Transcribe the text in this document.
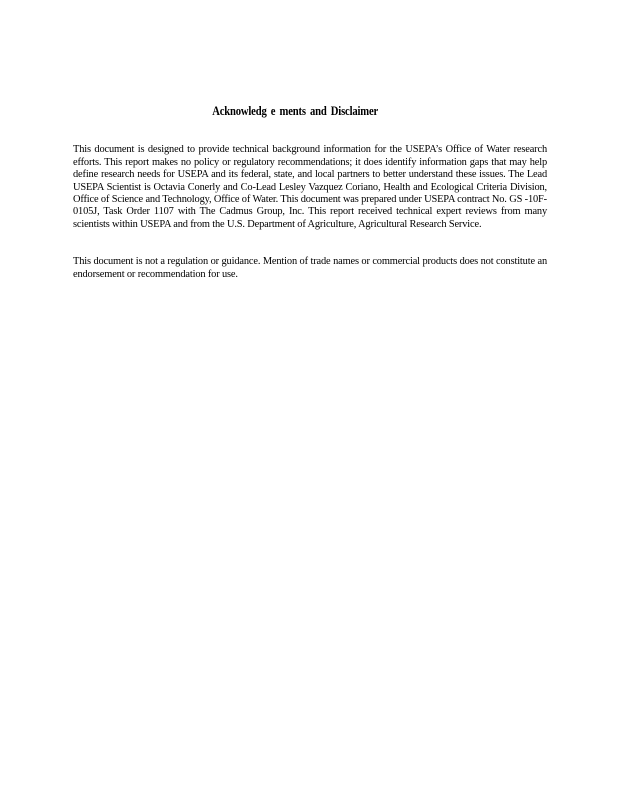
Acknowledg e ments and Disclaimer

This document is designed to provide technical background information for the USEPA’s Office of Water research efforts. This report makes no policy or regulatory recommendations; it does identify information gaps that may help define research needs for USEPA and its federal, state, and local partners to better understand these issues. The Lead USEPA Scientist is Octavia Conerly and Co-Lead Lesley Vazquez Coriano, Health and Ecological Criteria Division, Office of Science and Technology, Office of Water. This document was prepared under USEPA contract No. GS -10F-0105J, Task Order 1107 with The Cadmus Group, Inc. This report received technical expert reviews from many scientists within USEPA and from the U.S. Department of Agriculture, Agricultural Research Service.

This document is not a regulation or guidance. Mention of trade names or commercial products does not constitute an endorsement or recommendation for use.
